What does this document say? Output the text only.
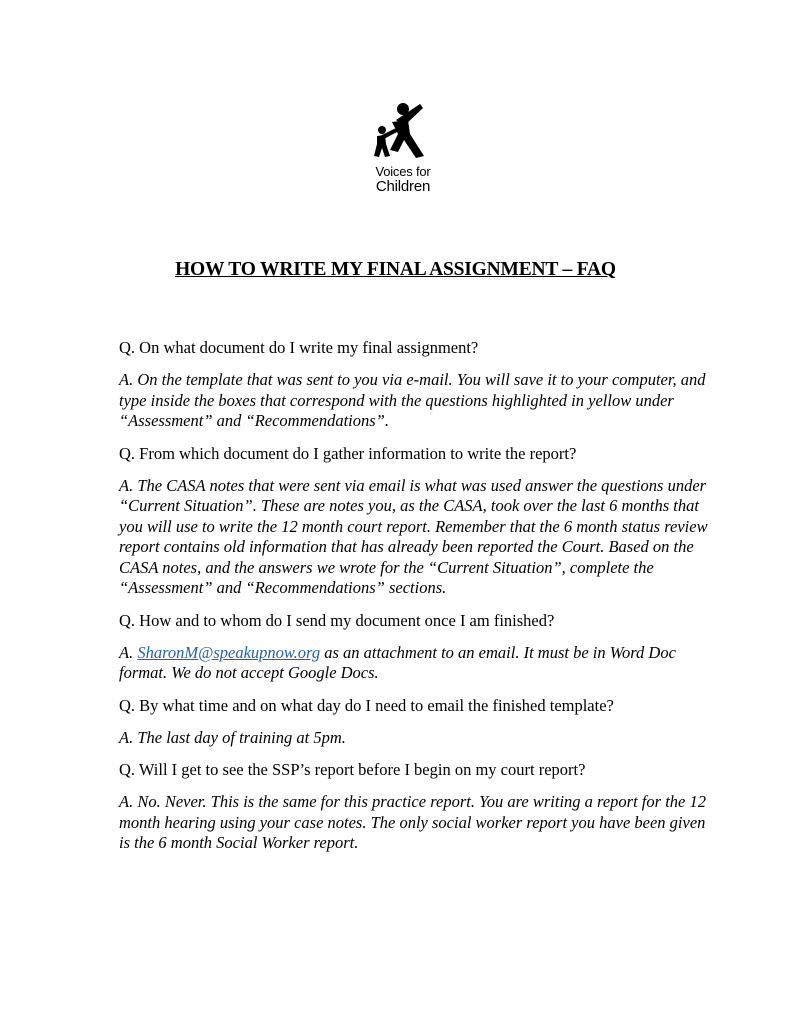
Voices for
Children
HOW TO WRITE MY FINAL ASSIGNMENT – FAQ

Q. On what document do I write my final assignment?

A. On the template that was sent to you via e-mail. You will save it to your computer, and type inside the boxes that correspond with the questions highlighted in yellow under “Assessment” and “Recommendations”.

Q. From which document do I gather information to write the report?

A. The CASA notes that were sent via email is what was used answer the questions under “Current Situation”. These are notes you, as the CASA, took over the last 6 months that you will use to write the 12 month court report. Remember that the 6 month status review report contains old information that has already been reported the Court. Based on the CASA notes, and the answers we wrote for the “Current Situation”, complete the “Assessment” and “Recommendations” sections.

Q. How and to whom do I send my document once I am finished?

A. SharonM@speakupnow.org as an attachment to an email. It must be in Word Doc format. We do not accept Google Docs.

Q. By what time and on what day do I need to email the finished template?

A. The last day of training at 5pm.

Q. Will I get to see the SSP’s report before I begin on my court report?

A. No. Never. This is the same for this practice report. You are writing a report for the 12 month hearing using your case notes. The only social worker report you have been given is the 6 month Social Worker report.
